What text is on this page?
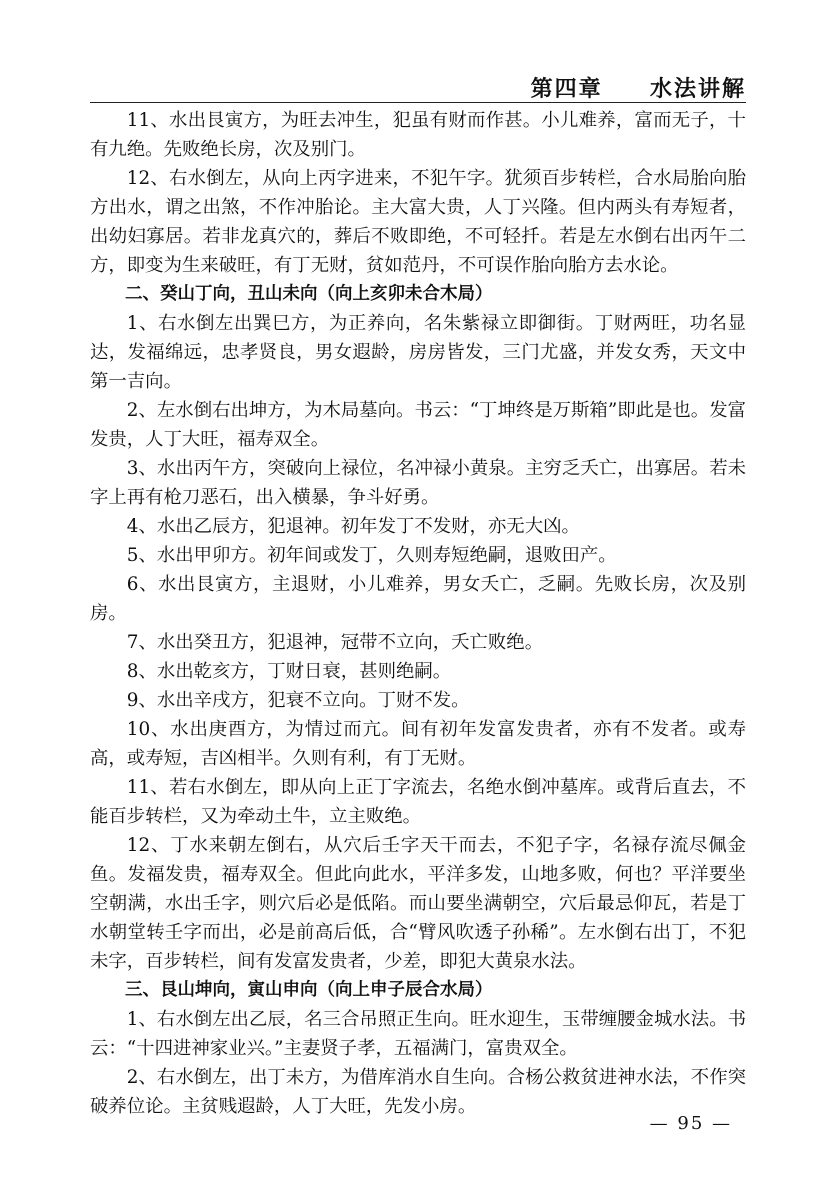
第四章  水法讲解

11、水出艮寅方，为旺去冲生，犯虽有财而作甚。小儿难养，富而无子，十有九绝。先败绝长房，次及别门。

12、右水倒左，从向上丙字进来，不犯午字。犹须百步转栏，合水局胎向胎方出水，谓之出煞，不作冲胎论。主大富大贵，人丁兴隆。但内两头有寿短者，出幼妇寡居。若非龙真穴的，葬后不败即绝，不可轻扦。若是左水倒右出丙午二方，即变为生来破旺，有丁无财，贫如范丹，不可误作胎向胎方去水论。

二、癸山丁向，丑山未向（向上亥卯未合木局）

1、右水倒左出巽巳方，为正养向，名朱紫禄立即御街。丁财两旺，功名显达，发福绵远，忠孝贤良，男女遐龄，房房皆发，三门尤盛，并发女秀，天文中第一吉向。

2、左水倒右出坤方，为木局墓向。书云：“丁坤终是万斯箱”即此是也。发富发贵，人丁大旺，福寿双全。

3、水出丙午方，突破向上禄位，名冲禄小黄泉。主穷乏夭亡，出寡居。若未字上再有枪刀恶石，出入横暴，争斗好勇。

4、水出乙辰方，犯退神。初年发丁不发财，亦无大凶。

5、水出甲卯方。初年间或发丁，久则寿短绝嗣，退败田产。

6、水出艮寅方，主退财，小儿难养，男女夭亡，乏嗣。先败长房，次及别房。

7、水出癸丑方，犯退神，冠带不立向，夭亡败绝。

8、水出乾亥方，丁财日衰，甚则绝嗣。

9、水出辛戌方，犯衰不立向。丁财不发。

10、水出庚酉方，为情过而亢。间有初年发富发贵者，亦有不发者。或寿高，或寿短，吉凶相半。久则有利，有丁无财。

11、若右水倒左，即从向上正丁字流去，名绝水倒冲墓库。或背后直去，不能百步转栏，又为牵动土牛，立主败绝。

12、丁水来朝左倒右，从穴后壬字天干而去，不犯子字，名禄存流尽佩金鱼。发福发贵，福寿双全。但此向此水，平洋多发，山地多败，何也？平洋要坐空朝满，水出壬字，则穴后必是低陷。而山要坐满朝空，穴后最忌仰瓦，若是丁水朝堂转壬字而出，必是前高后低，合“臂风吹透子孙稀”。左水倒右出丁，不犯未字，百步转栏，间有发富发贵者，少差，即犯大黄泉水法。

三、艮山坤向，寅山申向（向上申子辰合水局）

1、右水倒左出乙辰，名三合吊照正生向。旺水迎生，玉带缠腰金城水法。书云：“十四进神家业兴。”主妻贤子孝，五福满门，富贵双全。

2、右水倒左，出丁未方，为借库消水自生向。合杨公救贫进神水法，不作突破养位论。主贫贱遐龄，人丁大旺，先发小房。

— 95 —
